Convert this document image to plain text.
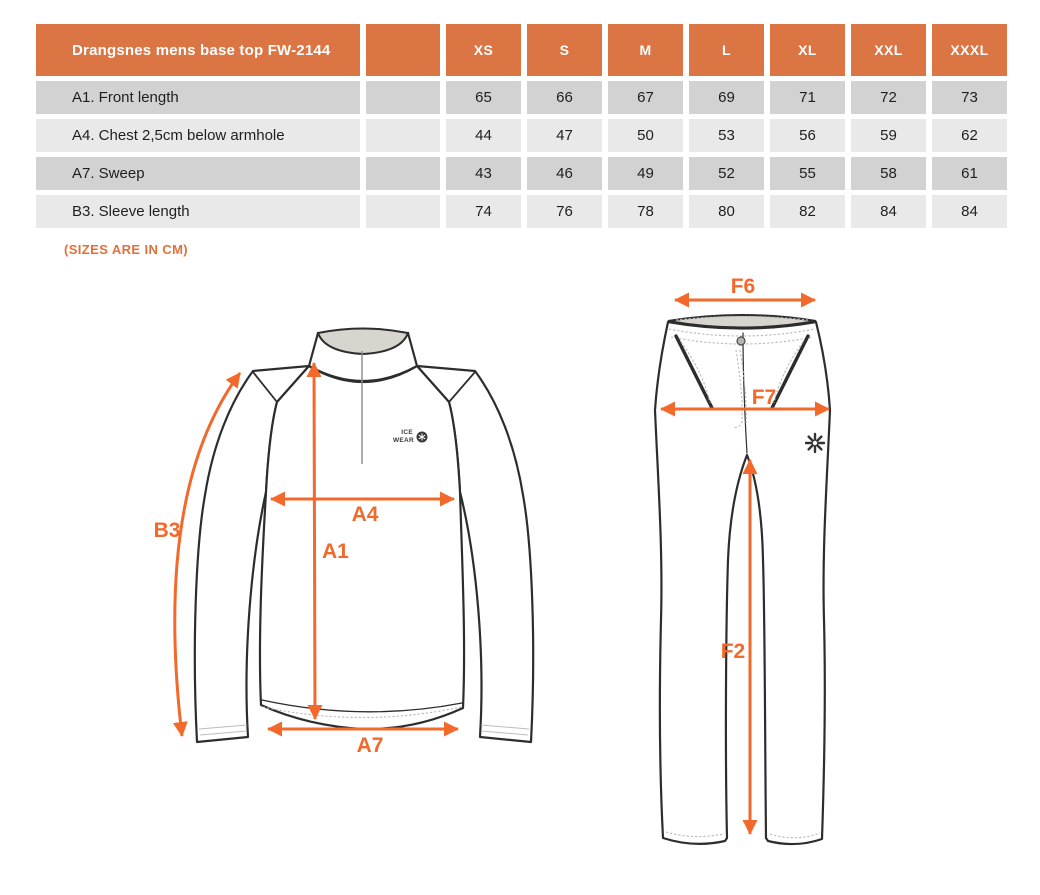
Drangsnes mens base top FW-2144		XS	S	M	L	XL	XXL	XXXL
A1. Front length		65	66	67	69	71	72	73
A4. Chest 2,5cm below armhole		44	47	50	53	56	59	62
A7. Sweep		43	46	49	52	55	58	61
B3. Sleeve length		74	76	78	80	82	84	84
(SIZES ARE IN CM)
ICE
WEAR
B3
A4
A1
A7
F6
F7
F2
